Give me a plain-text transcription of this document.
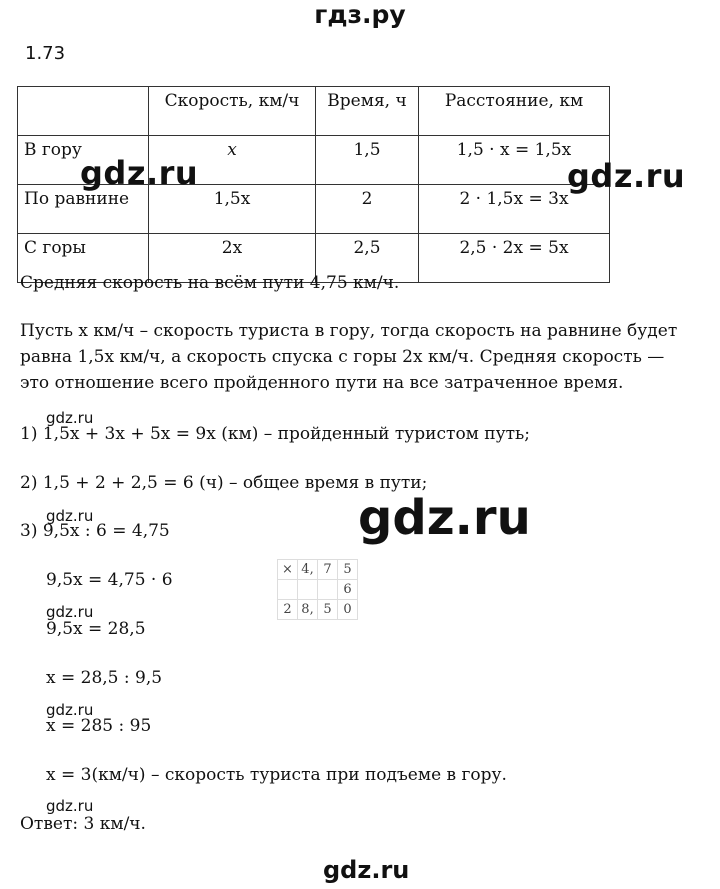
гдз.ру
1.73
	Скорость, км/ч	Время, ч	Расстояние, км
В гору	x	1,5	1,5 · x = 1,5x
По равнине	1,5x	2	2 · 1,5x = 3x
С горы	2x	2,5	2,5 · 2x = 5x
gdz.ru	gdz.ru
Средняя скорость на всём пути 4,75 км/ч.
Пусть x км/ч – скорость туриста в гору, тогда скорость на равнине будет
равна 1,5x км/ч, а скорость спуска с горы 2x км/ч. Средняя скорость —
это отношение всего пройденного пути на все затраченное время.
gdz.ru
1) 1,5x + 3x + 5x = 9x (км) – пройденный туристом путь;
2) 1,5 + 2 + 2,5 = 6 (ч) – общее время в пути;
gdz.ru
gdz.ru
3) 9,5x : 6 = 4,75
9,5x = 4,75 · 6
×	4,	7	5
			6
2	8,	5	0
gdz.ru
9,5x = 28,5
x = 28,5 : 9,5
gdz.ru
x = 285 : 95
x = 3(км/ч) – скорость туриста при подъеме в гору.
gdz.ru
Ответ: 3 км/ч.
gdz.ru
